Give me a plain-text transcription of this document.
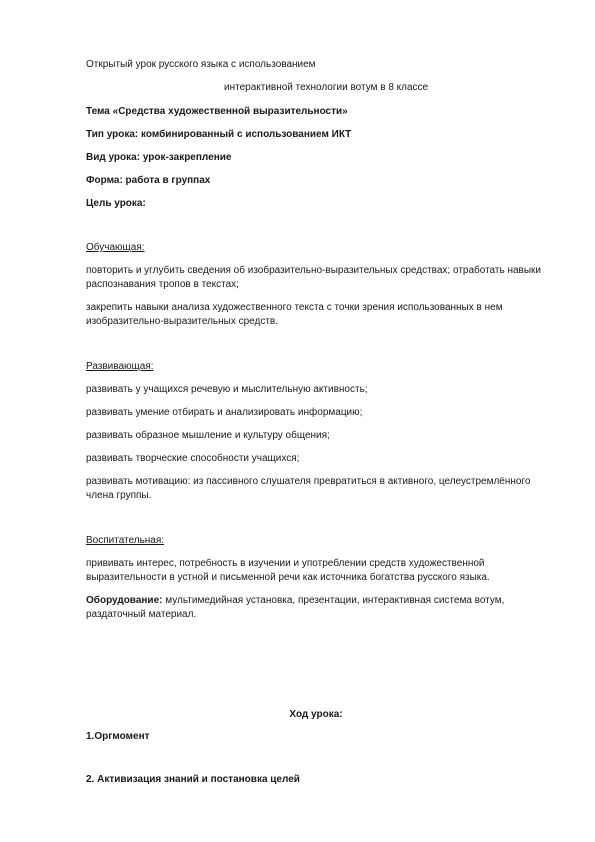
Открытый урок русского языка с использованием
интерактивной технологии вотум в 8 классе
Тема «Средства художественной выразительности»
Тип урока: комбинированный с использованием ИКТ
Вид урока: урок-закрепление
Форма: работа в группах
Цель урока:
Обучающая:
повторить и углубить сведения об изобразительно-выразительных средствах; отработать навыки распознавания тропов в текстах;
закрепить навыки анализа художественного текста с точки зрения использованных в нем изобразительно-выразительных средств.
Развивающая:
развивать у учащихся речевую и мыслительную активность;
развивать умение отбирать и анализировать информацию;
развивать образное мышление и культуру общения;
развивать творческие способности учащихся;
развивать мотивацию: из пассивного слушателя превратиться в активного, целеустремлённого члена группы.
Воспитательная:
прививать интерес, потребность в изучении и употреблении средств художественной выразительности в устной и письменной речи как источника богатства русского языка.
Оборудование: мультимедийная установка, презентации, интерактивная система вотум, раздаточный материал.
Ход урока:
1.Оргмомент
2. Активизация знаний и постановка целей
